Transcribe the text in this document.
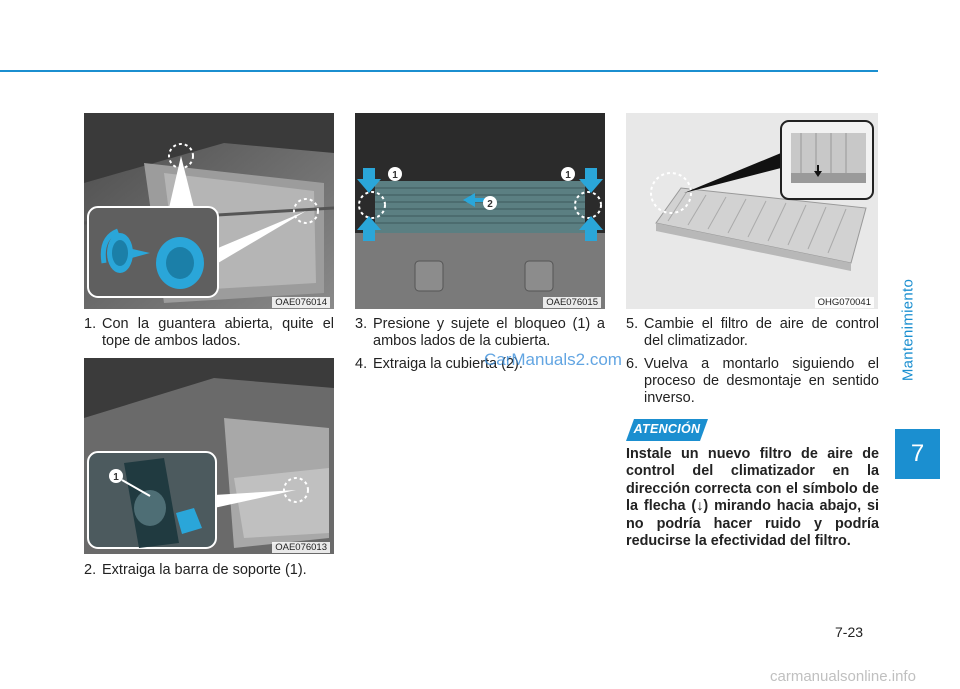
Mantenimiento
7
OAE076014
1
OAE076013
1
2
1
OAE076015	OHG070041
1. Con la guantera abierta, quite el tope de ambos lados.
2. Extraiga la barra de soporte (1).
3. Presione y sujete el bloqueo (1) a ambos lados de la cubierta.
4. Extraiga la cubierta (2).
5. Cambie el filtro de aire de control del climatizador.
6. Vuelva a montarlo siguiendo el proceso de desmontaje en sentido inverso.
ATENCIÓN
Instale un nuevo filtro de aire de control del climatizador en la dirección correcta con el símbolo de la flecha (↓) mirando hacia abajo, si no podría hacer ruido y podría reducirse la efectividad del filtro.
7-23
CarManuals2.com
carmanualsonline.info
